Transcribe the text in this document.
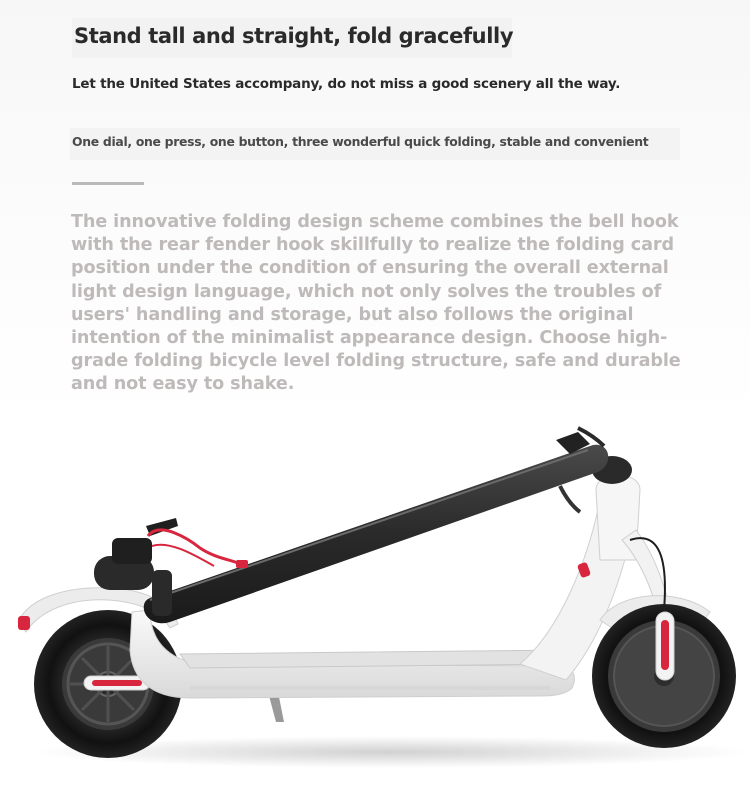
Stand tall and straight, fold gracefully
Let the United States accompany, do not miss a good scenery all the way.
One dial, one press, one button, three wonderful quick folding, stable and convenient
The innovative folding design scheme combines the bell hook with the rear fender hook skillfully to realize the folding card position under the condition of ensuring the overall external light design language, which not only solves the troubles of users' handling and storage, but also follows the original intention of the minimalist appearance design. Choose high-grade folding bicycle level folding structure, safe and durable and not easy to shake.
